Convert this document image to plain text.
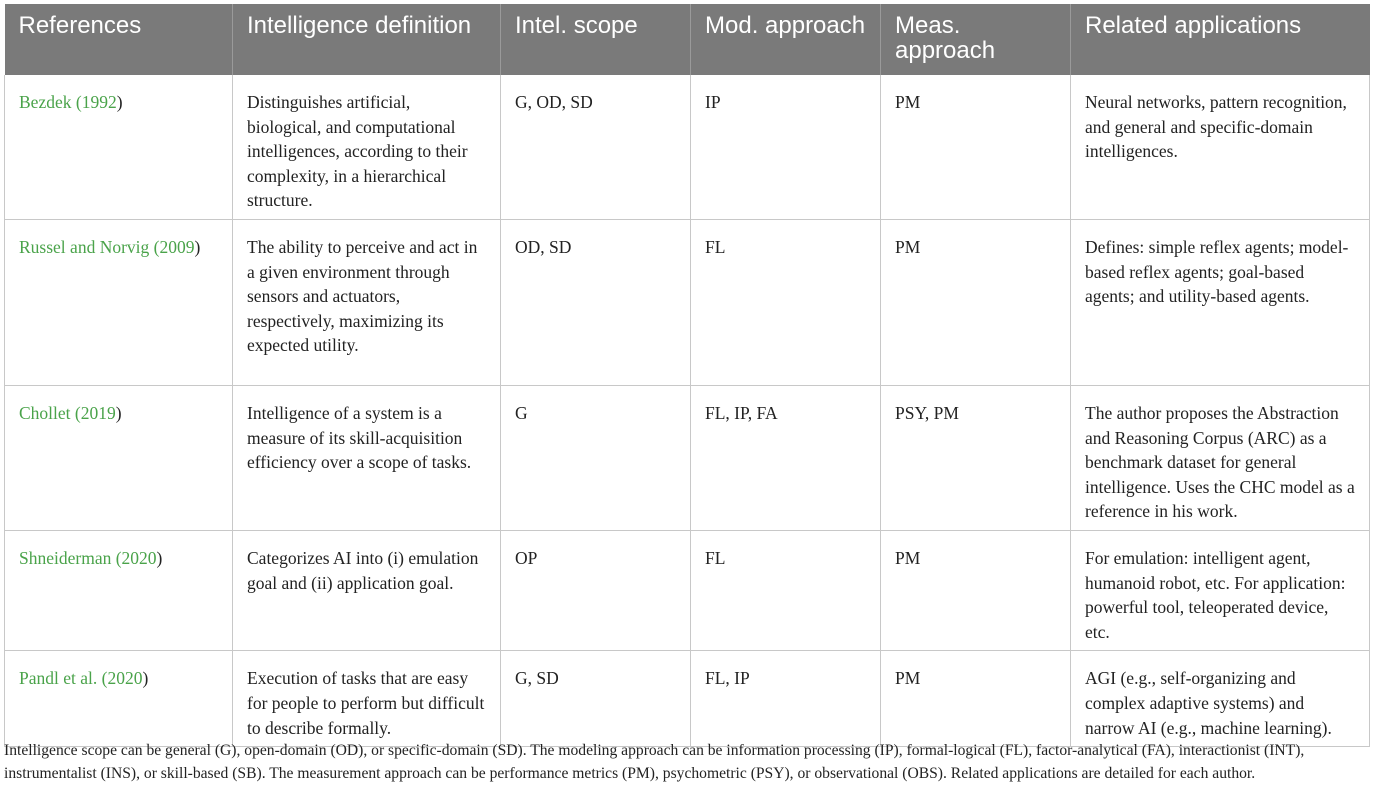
References	Intelligence definition	Intel. scope	Mod. approach	Meas. approach	Related applications
Bezdek (1992)	Distinguishes artificial, biological, and computational intelligences, according to their complexity, in a hierarchical structure.	G, OD, SD	IP	PM	Neural networks, pattern recognition, and general and specific-domain intelligences.
Russel and Norvig (2009)	The ability to perceive and act in a given environment through sensors and actuators, respectively, maximizing its expected utility.	OD, SD	FL	PM	Defines: simple reflex agents; model-based reflex agents; goal-based agents; and utility-based agents.
Chollet (2019)	Intelligence of a system is a measure of its skill-acquisition efficiency over a scope of tasks.	G	FL, IP, FA	PSY, PM	The author proposes the Abstraction and Reasoning Corpus (ARC) as a benchmark dataset for general intelligence. Uses the CHC model as a reference in his work.
Shneiderman (2020)	Categorizes AI into (i) emulation goal and (ii) application goal.	OP	FL	PM	For emulation: intelligent agent, humanoid robot, etc. For application: powerful tool, teleoperated device, etc.
Pandl et al. (2020)	Execution of tasks that are easy for people to perform but difficult to describe formally.	G, SD	FL, IP	PM	AGI (e.g., self-organizing and complex adaptive systems) and narrow AI (e.g., machine learning).
Intelligence scope can be general (G), open-domain (OD), or specific-domain (SD). The modeling approach can be information processing (IP), formal-logical (FL), factor-analytical (FA), interactionist (INT), instrumentalist (INS), or skill-based (SB). The measurement approach can be performance metrics (PM), psychometric (PSY), or observational (OBS). Related applications are detailed for each author.
